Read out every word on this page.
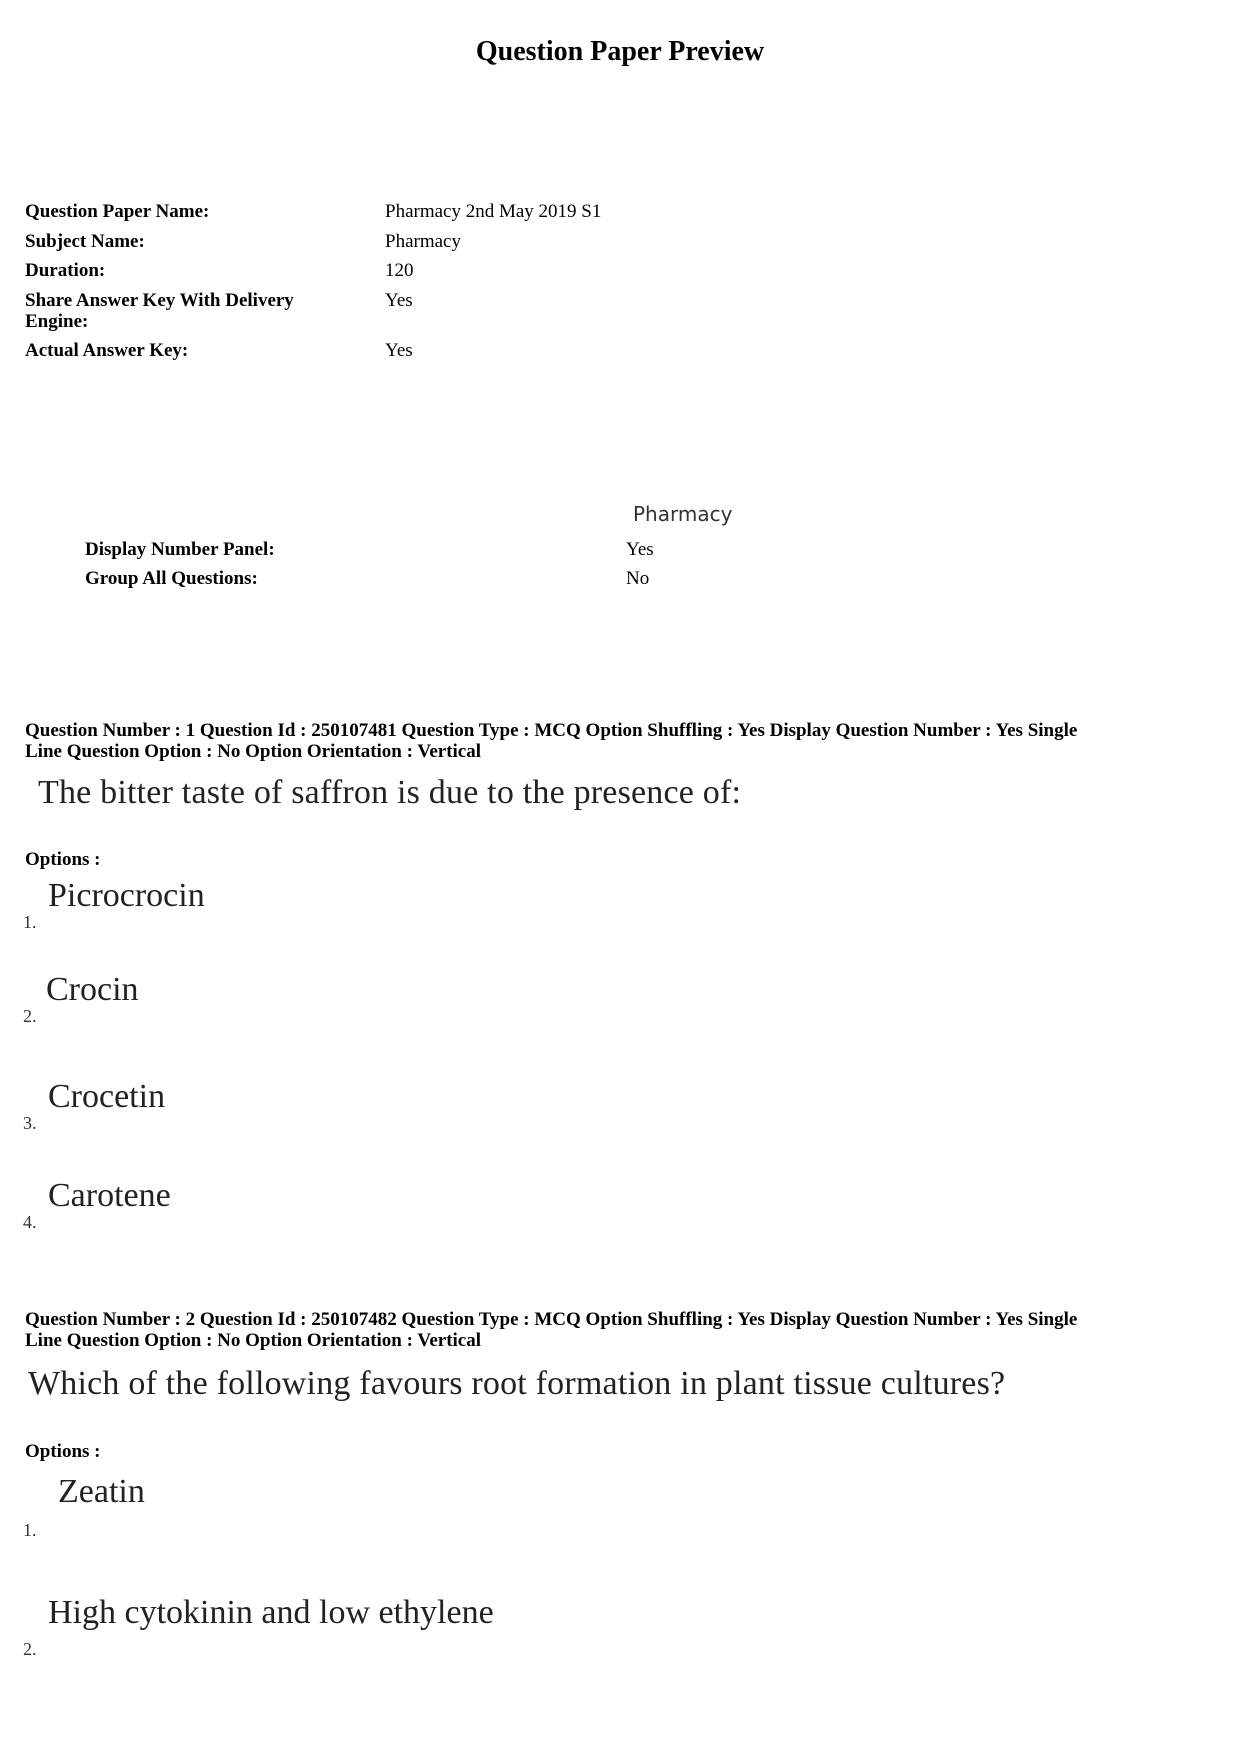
Question Paper Preview
Question Paper Name:	Pharmacy 2nd May 2019 S1
Subject Name:	Pharmacy
Duration:	120
Share Answer Key With Delivery Engine:
Yes
Actual Answer Key:	Yes
Pharmacy
Display Number Panel:	Yes
Group All Questions:	No
Question Number : 1 Question Id : 250107481 Question Type : MCQ Option Shuffling : Yes Display Question Number : Yes Single
Line Question Option : No Option Orientation : Vertical
The bitter taste of saffron is due to the presence of:
Options :
1.
Picrocrocin
2.
Crocin
3.
Crocetin
4.
Carotene
Question Number : 2 Question Id : 250107482 Question Type : MCQ Option Shuffling : Yes Display Question Number : Yes Single
Line Question Option : No Option Orientation : Vertical
Which of the following favours root formation in plant tissue cultures?
Options :
1.
Zeatin
2.
High cytokinin and low ethylene
